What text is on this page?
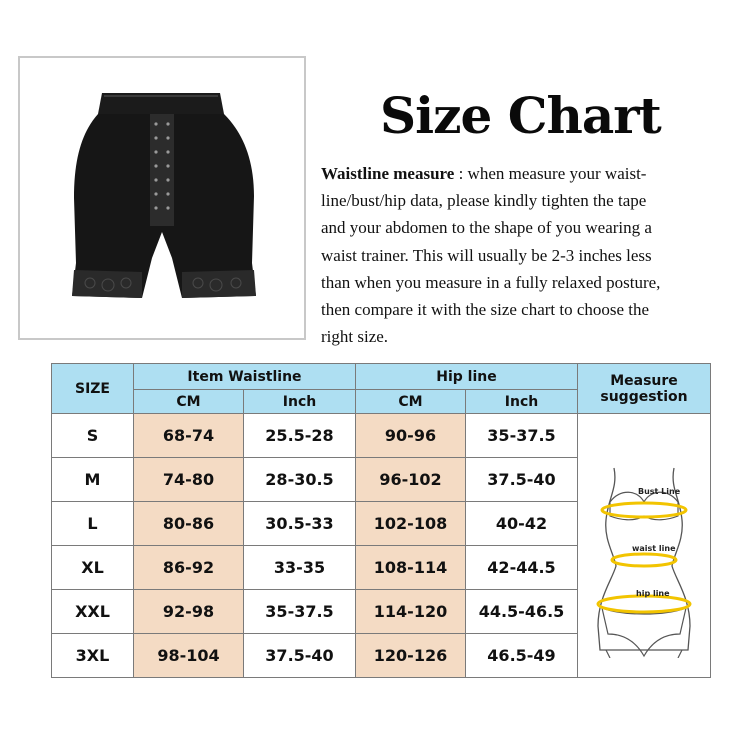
Size Chart
Waistline measure : when measure your waist-
line/bust/hip data, please kindly tighten the tape
and your abdomen to the shape of you wearing a
waist trainer. This will usually be 2-3 inches less
than when you measure in a fully relaxed posture,
then compare it with the size chart to choose the
right size.
SIZE	Item Waistline		Hip line		Measure
suggestion

	CM	Inch	CM	Inch	
S	68-74	25.5-28	90-96	35-37.5	Bust Line
waist line
hip line

M	74-80	28-30.5	96-102	37.5-40	
L	80-86	30.5-33	102-108	40-42	
XL	86-92	33-35	108-114	42-44.5	
XXL	92-98	35-37.5	114-120	44.5-46.5	
3XL	98-104	37.5-40	120-126	46.5-49	
